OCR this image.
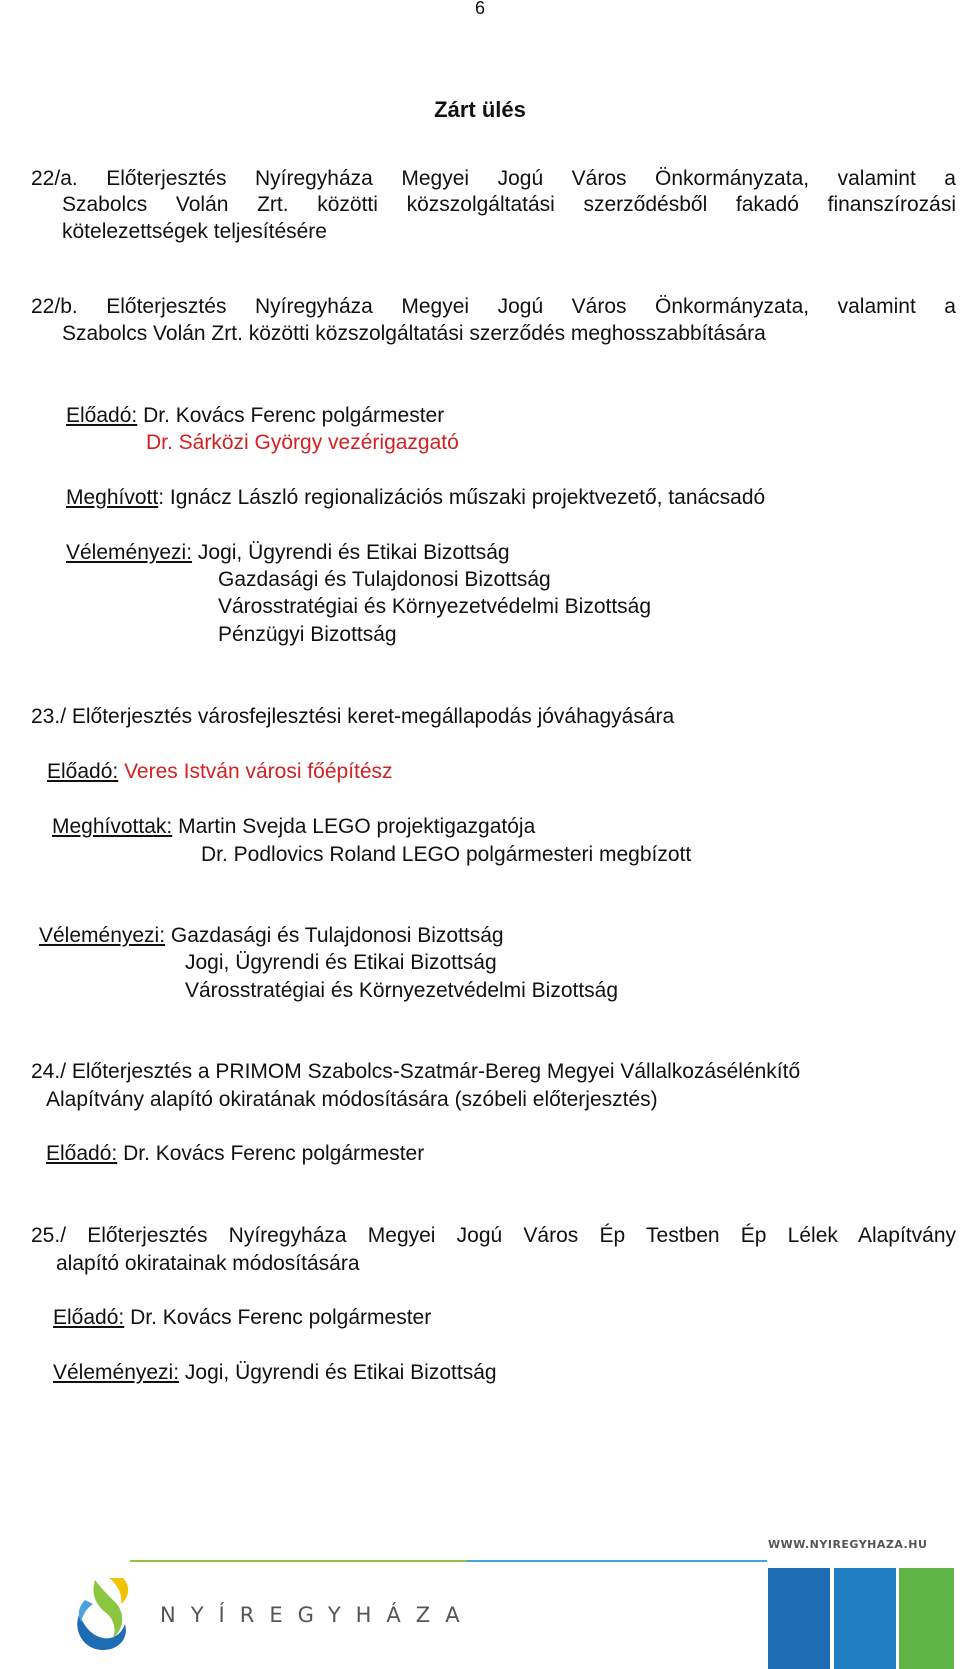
6
Zárt ülés
22/a. Előterjesztés Nyíregyháza Megyei Jogú Város Önkormányzata, valamint a
Szabolcs Volán Zrt. közötti közszolgáltatási szerződésből fakadó finanszírozási
kötelezettségek teljesítésére
22/b. Előterjesztés Nyíregyháza Megyei Jogú Város Önkormányzata, valamint a
Szabolcs Volán Zrt. közötti közszolgáltatási szerződés meghosszabbítására
Előadó: Dr. Kovács Ferenc polgármester
Dr. Sárközi György vezérigazgató
Meghívott: Ignácz László regionalizációs műszaki projektvezető, tanácsadó
Véleményezi: Jogi, Ügyrendi és Etikai Bizottság
Gazdasági és Tulajdonosi Bizottság
Városstratégiai és Környezetvédelmi Bizottság
Pénzügyi Bizottság
23./ Előterjesztés városfejlesztési keret-megállapodás jóváhagyására
Előadó: Veres István városi főépítész
Meghívottak: Martin Svejda LEGO projektigazgatója
Dr. Podlovics Roland LEGO polgármesteri megbízott
Véleményezi: Gazdasági és Tulajdonosi Bizottság
Jogi, Ügyrendi és Etikai Bizottság
Városstratégiai és Környezetvédelmi Bizottság
24./ Előterjesztés a PRIMOM Szabolcs-Szatmár-Bereg Megyei Vállalkozásélénkítő
Alapítvány alapító okiratának módosítására (szóbeli előterjesztés)
Előadó: Dr. Kovács Ferenc polgármester
25./ Előterjesztés Nyíregyháza Megyei Jogú Város Ép Testben Ép Lélek Alapítvány
alapító okiratainak módosítására
Előadó: Dr. Kovács Ferenc polgármester
Véleményezi: Jogi, Ügyrendi és Etikai Bizottság
NYÍREGYHÁZA
WWW.NYIREGYHAZA.HU
